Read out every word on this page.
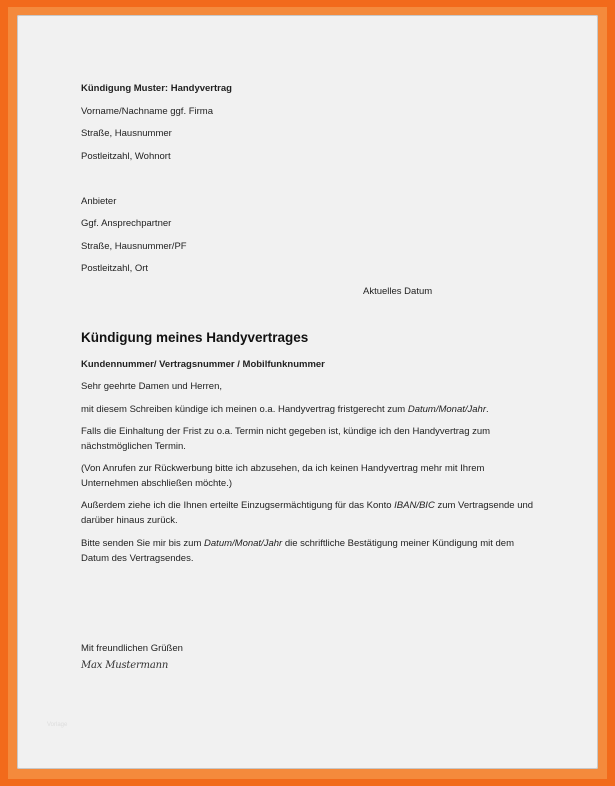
Kündigung Muster: Handyvertrag
Vorname/Nachname ggf. Firma
Straße, Hausnummer
Postleitzahl, Wohnort
Anbieter
Ggf. Ansprechpartner
Straße, Hausnummer/PF
Postleitzahl, Ort
Aktuelles Datum
Kündigung meines Handyvertrages
Kundennummer/ Vertragsnummer / Mobilfunknummer
Sehr geehrte Damen und Herren,
mit diesem Schreiben kündige ich meinen o.a. Handyvertrag fristgerecht zum Datum/Monat/Jahr.
Falls die Einhaltung der Frist zu o.a. Termin nicht gegeben ist, kündige ich den Handyvertrag zum nächstmöglichen Termin.
(Von Anrufen zur Rückwerbung bitte ich abzusehen, da ich keinen Handyvertrag mehr mit Ihrem Unternehmen abschließen möchte.)
Außerdem ziehe ich die Ihnen erteilte Einzugsermächtigung für das Konto IBAN/BIC zum Vertragsende und darüber hinaus zurück.
Bitte senden Sie mir bis zum Datum/Monat/Jahr die schriftliche Bestätigung meiner Kündigung mit dem Datum des Vertragsendes.
Mit freundlichen Grüßen
Max Mustermann
Vorlage
